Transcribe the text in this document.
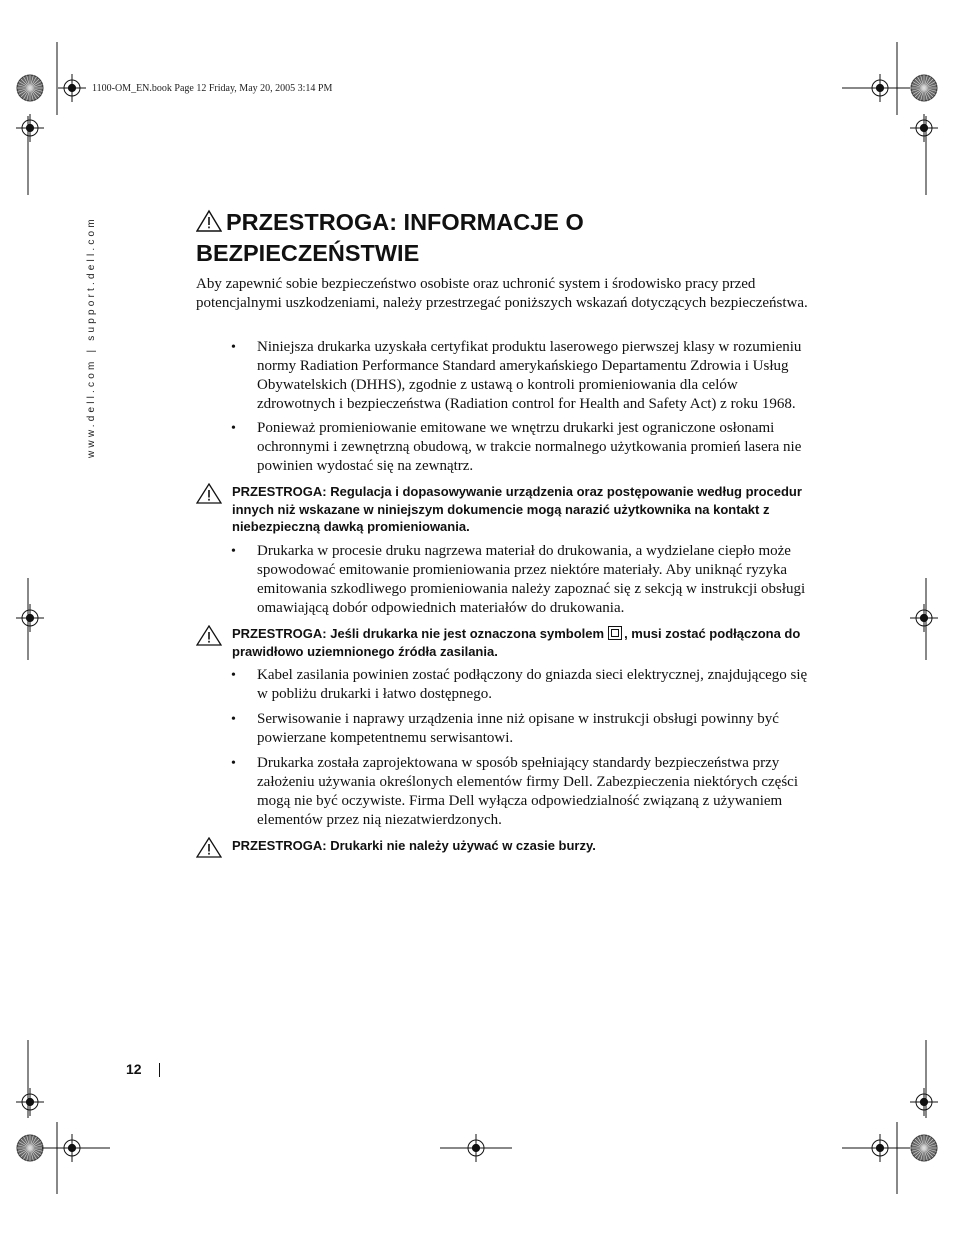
1100-OM_EN.book Page 12 Friday, May 20, 2005 3:14 PM
www.dell.com | support.dell.com	PRZESTROGA: INFORMACJE O
BEZPIECZEŃSTWIE
Aby zapewnić sobie bezpieczeństwo osobiste oraz uchronić system i środowisko pracy przed potencjalnymi uszkodzeniami, należy przestrzegać poniższych wskazań dotyczących bezpieczeństwa.
• Niniejsza drukarka uzyskała certyfikat produktu laserowego pierwszej klasy w rozumieniu normy Radiation Performance Standard amerykańskiego Departamentu Zdrowia i Usług Obywatelskich (DHHS), zgodnie z ustawą o kontroli promieniowania dla celów zdrowotnych i bezpieczeństwa (Radiation control for Health and Safety Act) z roku 1968.
• Ponieważ promieniowanie emitowane we wnętrzu drukarki jest ograniczone osłonami ochronnymi i zewnętrzną obudową, w trakcie normalnego użytkowania promień lasera nie powinien wydostać się na zewnątrz.
PRZESTROGA: Regulacja i dopasowywanie urządzenia oraz postępowanie według procedur innych niż wskazane w niniejszym dokumencie mogą narazić użytkownika na kontakt z niebezpieczną dawką promieniowania.
• Drukarka w procesie druku nagrzewa materiał do drukowania, a wydzielane ciepło może spowodować emitowanie promieniowania przez niektóre materiały. Aby uniknąć ryzyka emitowania szkodliwego promieniowania należy zapoznać się z sekcją w instrukcji obsługi omawiającą dobór odpowiednich materiałów do drukowania.
PRZESTROGA: Jeśli drukarka nie jest oznaczona symbolem , musi zostać podłączona do prawidłowo uziemnionego źródła zasilania.
• Kabel zasilania powinien zostać podłączony do gniazda sieci elektrycznej, znajdującego się w pobliżu drukarki i łatwo dostępnego.
• Serwisowanie i naprawy urządzenia inne niż opisane w instrukcji obsługi powinny być powierzane kompetentnemu serwisantowi.
• Drukarka została zaprojektowana w sposób spełniający standardy bezpieczeństwa przy założeniu używania określonych elementów firmy Dell. Zabezpieczenia niektórych części mogą nie być oczywiste. Firma Dell wyłącza odpowiedzialność związaną z używaniem elementów przez nią niezatwierdzonych.
PRZESTROGA: Drukarki nie należy używać w czasie burzy.
12
